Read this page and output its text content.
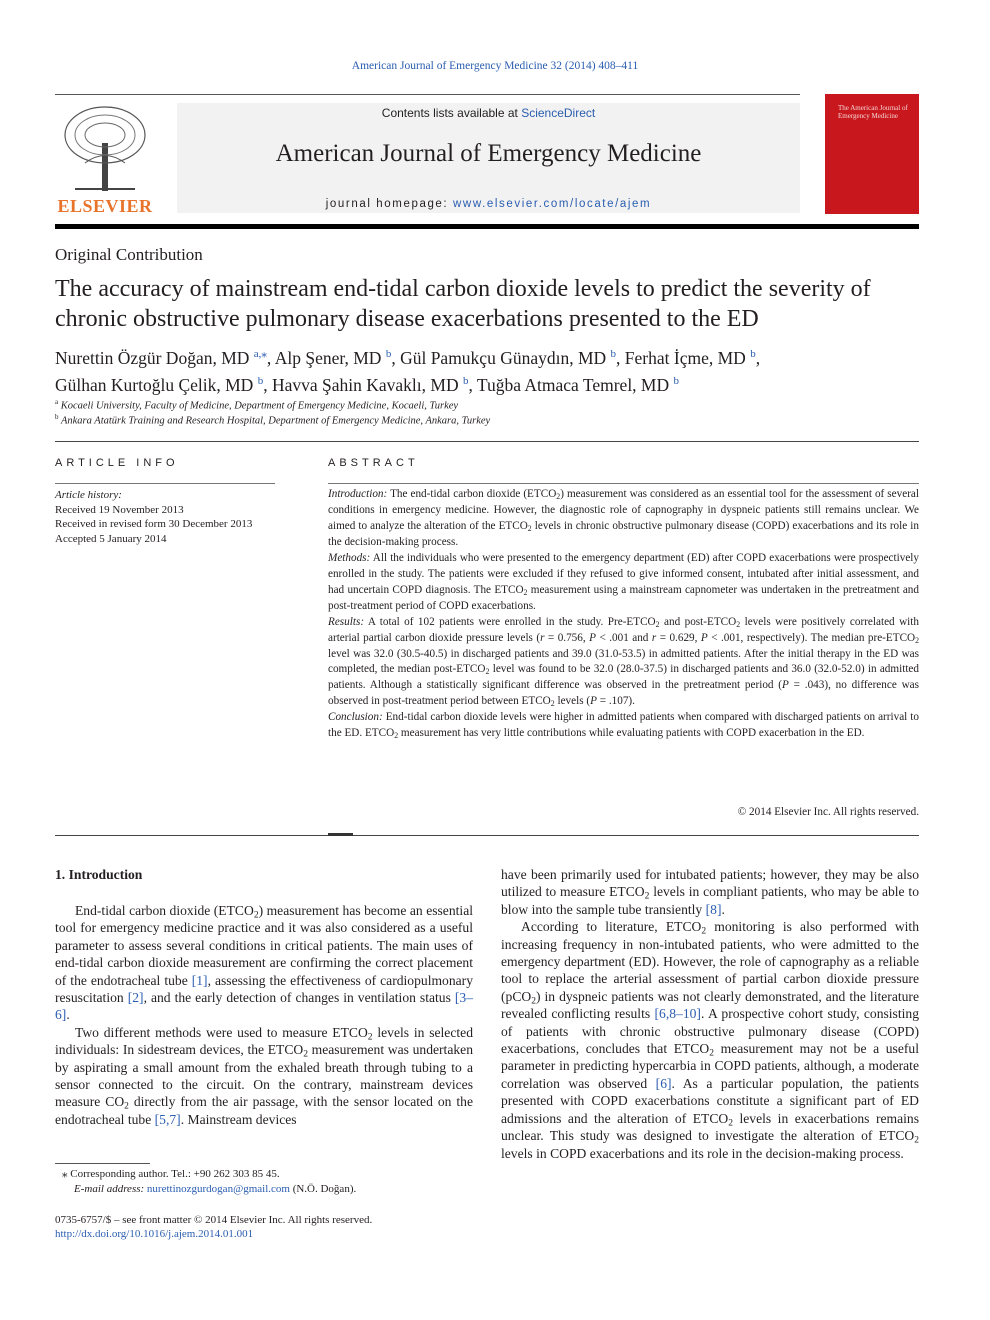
American Journal of Emergency Medicine 32 (2014) 408–411
ELSEVIER
Contents lists available at ScienceDirect
American Journal of Emergency Medicine
journal homepage: www.elsevier.com/locate/ajem
The American Journal of Emergency Medicine
Original Contribution
The accuracy of mainstream end-tidal carbon dioxide levels to predict the severity of chronic obstructive pulmonary disease exacerbations presented to the ED
Nurettin Özgür Doğan, MD $^{a,⁎}$, Alp Şener, MD $^b$, Gül Pamukçu Günaydın, MD $^b$, Ferhat İçme, MD $^b$,
Gülhan Kurtoğlu Çelik, MD $^b$, Havva Şahin Kavaklı, MD $^b$, Tuğba Atmaca Temrel, MD $^b$
$^a$ Kocaeli University, Faculty of Medicine, Department of Emergency Medicine, Kocaeli, Turkey
$^b$ Ankara Atatürk Training and Research Hospital, Department of Emergency Medicine, Ankara, Turkey
ARTICLE INFO
Article history:
Received 19 November 2013
Received in revised form 30 December 2013
Accepted 5 January 2014
ABSTRACT

Introduction: The end-tidal carbon dioxide $(ETCO_2)$ measurement was considered as an essential tool for the assessment of several conditions in emergency medicine. However, the diagnostic role of capnography in dyspneic patients still remains unclear. We aimed to analyze the alteration of the $ETCO_2$ levels in chronic obstructive pulmonary disease (COPD) exacerbations and its role in the decision-making process.

Methods: All the individuals who were presented to the emergency department (ED) after COPD exacerbations were prospectively enrolled in the study. The patients were excluded if they refused to give informed consent, intubated after initial assessment, and had uncertain COPD diagnosis. The $ETCO_2$ measurement using a mainstream capnometer was undertaken in the pretreatment and post-treatment period of COPD exacerbations.

Results: A total of 102 patients were enrolled in the study. Pre-$ETCO_2$ and post-$ETCO_2$ levels were positively correlated with arterial partial carbon dioxide pressure levels (r = 0.756, P < .001 and r = 0.629, P < .001, respectively). The median pre-$ETCO_2$ level was 32.0 (30.5-40.5) in discharged patients and 39.0 (31.0-53.5) in admitted patients. After the initial therapy in the ED was completed, the median post-$ETCO_2$ level was found to be 32.0 (28.0-37.5) in discharged patients and 36.0 (32.0-52.0) in admitted patients. Although a statistically significant difference was observed in the pretreatment period (P = .043), no difference was observed in post-treatment period between $ETCO_2$ levels (P = .107).

Conclusion: End-tidal carbon dioxide levels were higher in admitted patients when compared with discharged patients on arrival to the ED. $ETCO_2$ measurement has very little contributions while evaluating patients with COPD exacerbation in the ED.

© 2014 Elsevier Inc. All rights reserved.
1. Introduction

End-tidal carbon dioxide $(ETCO_2)$ measurement has become an essential tool for emergency medicine practice and it was also considered as a useful parameter to assess several conditions in critical patients. The main uses of end-tidal carbon dioxide measurement are confirming the correct placement of the endotracheal tube [1], assessing the effectiveness of cardiopulmonary resuscitation [2], and the early detection of changes in ventilation status [3–6].

Two different methods were used to measure $ETCO_2$ levels in selected individuals: In sidestream devices, the $ETCO_2$ measurement was undertaken by aspirating a small amount from the exhaled breath through tubing to a sensor connected to the circuit. On the contrary, mainstream devices measure $CO_2$ directly from the air passage, with the sensor located on the endotracheal tube [5,7]. Mainstream devices

have been primarily used for intubated patients; however, they may be also utilized to measure $ETCO_2$ levels in compliant patients, who may be able to blow into the sample tube transiently [8].

According to literature, $ETCO_2$ monitoring is also performed with increasing frequency in non-intubated patients, who were admitted to the emergency department (ED). However, the role of capnography as a reliable tool to replace the arterial assessment of partial carbon dioxide pressure (pCO$_2$) in dyspneic patients was not clearly demonstrated, and the literature revealed conflicting results [6,8–10]. A prospective cohort study, consisting of patients with chronic obstructive pulmonary disease (COPD) exacerbations, concludes that $ETCO_2$ measurement may not be a useful parameter in predicting hypercarbia in COPD patients, although, a moderate correlation was observed [6]. As a particular population, the patients presented with COPD exacerbations constitute a significant part of ED admissions and the alteration of $ETCO_2$ levels in exacerbations remains unclear. This study was designed to investigate the alteration of $ETCO_2$ levels in COPD exacerbations and its role in the decision-making process.

⁎ Corresponding author. Tel.: +90 262 303 85 45.
E-mail address: nurettinozgurdogan@gmail.com (N.Ö. Doğan).
0735-6757/$ – see front matter © 2014 Elsevier Inc. All rights reserved.
http://dx.doi.org/10.1016/j.ajem.2014.01.001
